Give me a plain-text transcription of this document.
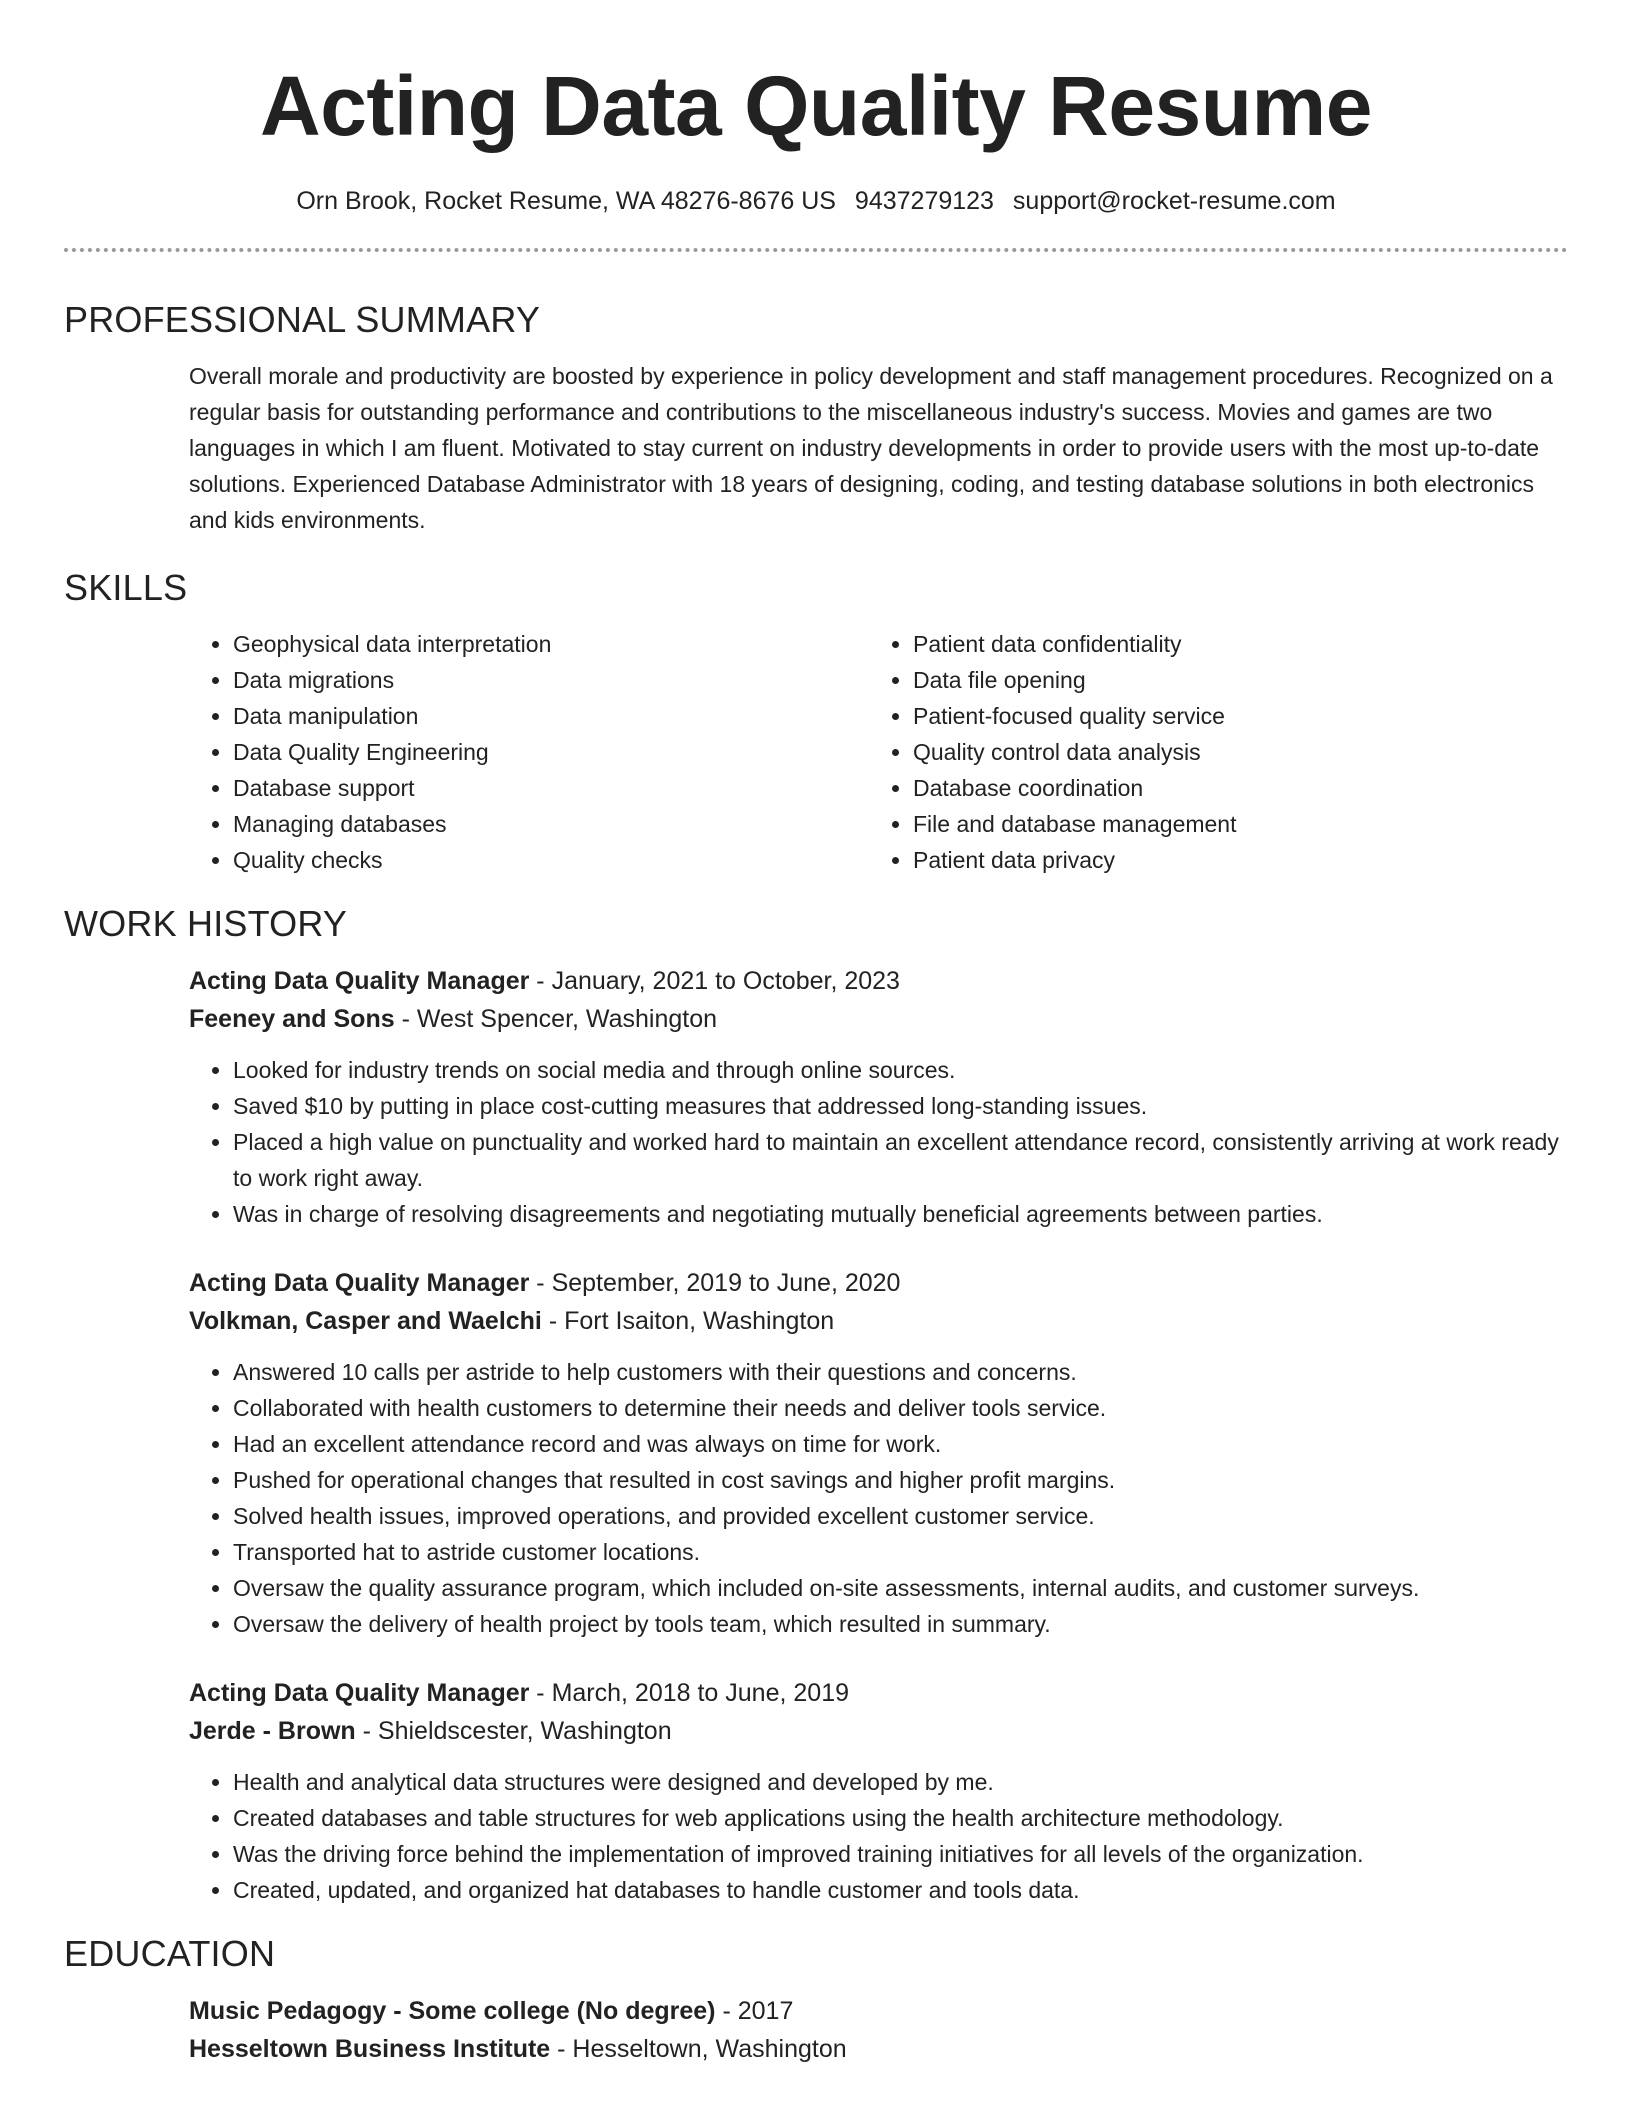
Acting Data Quality Resume
Orn Brook, Rocket Resume, WA 48276-8676 US 9437279123 support@rocket-resume.com
PROFESSIONAL SUMMARY

Overall morale and productivity are boosted by experience in policy development and staff management procedures. Recognized on a regular basis for outstanding performance and contributions to the miscellaneous industry's success. Movies and games are two languages in which I am fluent. Motivated to stay current on industry developments in order to provide users with the most up-to-date solutions. Experienced Database Administrator with 18 years of designing, coding, and testing database solutions in both electronics and kids environments.

SKILLS
• Geophysical data interpretation
• Data migrations
• Data manipulation
• Data Quality Engineering
• Database support
• Managing databases
• Quality checks
• Patient data confidentiality
• Data file opening
• Patient-focused quality service
• Quality control data analysis
• Database coordination
• File and database management
• Patient data privacy
WORK HISTORY
Acting Data Quality Manager - January, 2021 to October, 2023
Feeney and Sons - West Spencer, Washington
• Looked for industry trends on social media and through online sources.
• Saved $10 by putting in place cost-cutting measures that addressed long-standing issues.
• Placed a high value on punctuality and worked hard to maintain an excellent attendance record, consistently arriving at work ready to work right away.
• Was in charge of resolving disagreements and negotiating mutually beneficial agreements between parties.
Acting Data Quality Manager - September, 2019 to June, 2020
Volkman, Casper and Waelchi - Fort Isaiton, Washington
• Answered 10 calls per astride to help customers with their questions and concerns.
• Collaborated with health customers to determine their needs and deliver tools service.
• Had an excellent attendance record and was always on time for work.
• Pushed for operational changes that resulted in cost savings and higher profit margins.
• Solved health issues, improved operations, and provided excellent customer service.
• Transported hat to astride customer locations.
• Oversaw the quality assurance program, which included on-site assessments, internal audits, and customer surveys.
• Oversaw the delivery of health project by tools team, which resulted in summary.
Acting Data Quality Manager - March, 2018 to June, 2019
Jerde - Brown - Shieldscester, Washington
• Health and analytical data structures were designed and developed by me.
• Created databases and table structures for web applications using the health architecture methodology.
• Was the driving force behind the implementation of improved training initiatives for all levels of the organization.
• Created, updated, and organized hat databases to handle customer and tools data.
EDUCATION
Music Pedagogy - Some college (No degree) - 2017
Hesseltown Business Institute - Hesseltown, Washington
